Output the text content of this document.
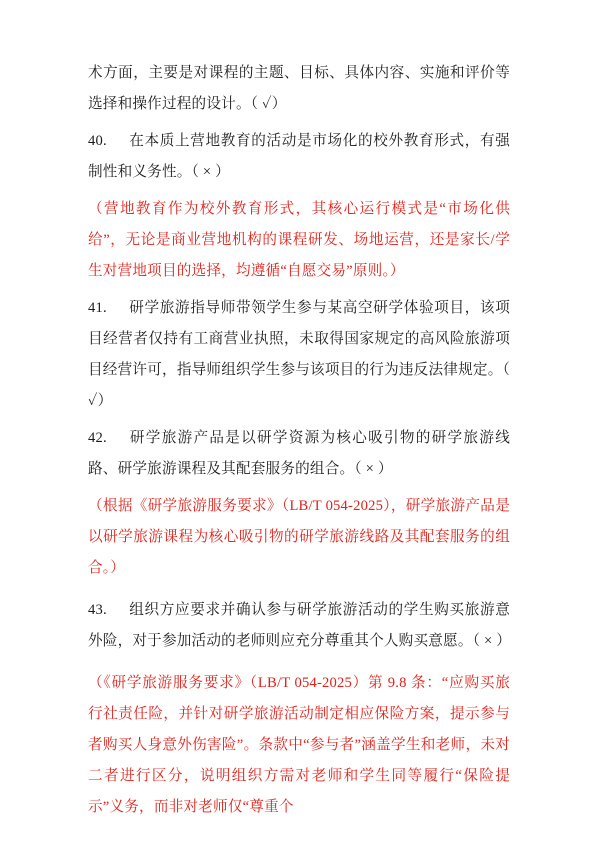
术方面，主要是对课程的主题、目标、具体内容、实施和评价等选择和操作过程的设计。（ ✓）

40. 在本质上营地教育的活动是市场化的校外教育形式，有强制性和义务性。（ × ）

（营地教育作为校外教育形式，其核心运行模式是“市场化供给”，无论是商业营地机构的课程研发、场地运营，还是家长/学生对营地项目的选择，均遵循“自愿交易”原则。）

41. 研学旅游指导师带领学生参与某高空研学体验项目，该项目经营者仅持有工商营业执照，未取得国家规定的高风险旅游项目经营许可，指导师组织学生参与该项目的行为违反法律规定。（ ✓）

42. 研学旅游产品是以研学资源为核心吸引物的研学旅游线路、研学旅游课程及其配套服务的组合。（ × ）

（根据《研学旅游服务要求》（LB/T 054-2025），研学旅游产品是以研学旅游课程为核心吸引物的研学旅游线路及其配套服务的组合。）

43. 组织方应要求并确认参与研学旅游活动的学生购买旅游意外险，对于参加活动的老师则应充分尊重其个人购买意愿。（ × ）

（《研学旅游服务要求》（LB/T 054-2025）第 9.8 条：“应购买旅行社责任险，并针对研学旅游活动制定相应保险方案，提示参与者购买人身意外伤害险”。条款中“参与者”涵盖学生和老师，未对二者进行区分，说明组织方需对老师和学生同等履行“保险提示”义务，而非对老师仅“尊重个
